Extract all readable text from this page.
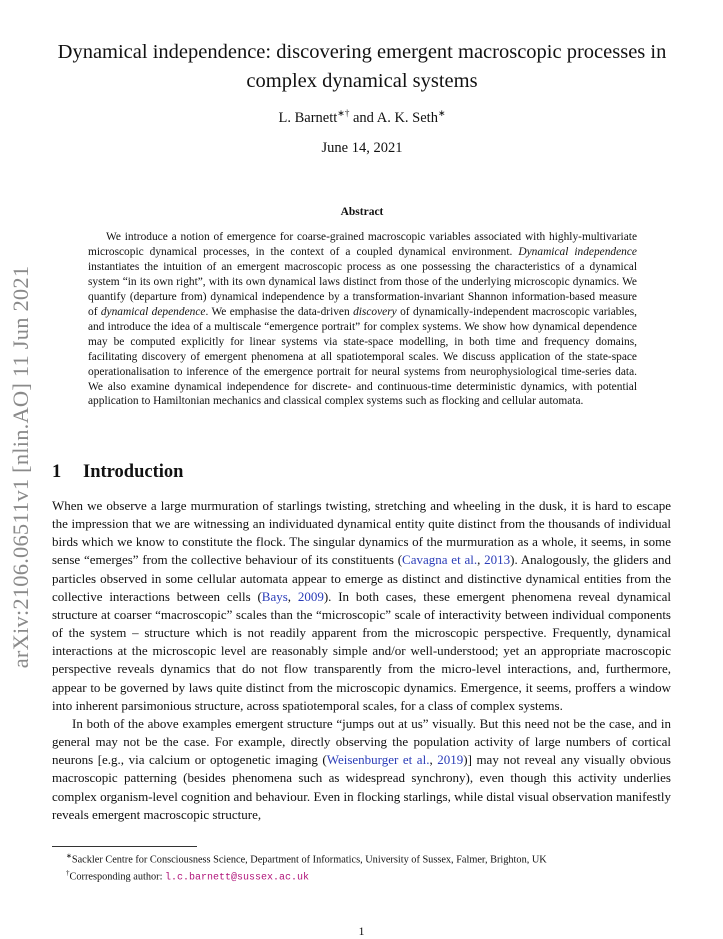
arXiv:2106.06511v1 [nlin.AO] 11 Jun 2021
Dynamical independence: discovering emergent macroscopic processes in complex dynamical systems
L. Barnett∗† and A. K. Seth∗
June 14, 2021
Abstract
We introduce a notion of emergence for coarse-grained macroscopic variables associated with highly-multivariate microscopic dynamical processes, in the context of a coupled dynamical environment. Dynamical independence instantiates the intuition of an emergent macroscopic process as one possessing the characteristics of a dynamical system “in its own right”, with its own dynamical laws distinct from those of the underlying microscopic dynamics. We quantify (departure from) dynamical independence by a transformation-invariant Shannon information-based measure of dynamical dependence. We emphasise the data-driven discovery of dynamically-independent macroscopic variables, and introduce the idea of a multiscale “emergence portrait” for complex systems. We show how dynamical dependence may be computed explicitly for linear systems via state-space modelling, in both time and frequency domains, facilitating discovery of emergent phenomena at all spatiotemporal scales. We discuss application of the state-space operationalisation to inference of the emergence portrait for neural systems from neurophysiological time-series data. We also examine dynamical independence for discrete- and continuous-time deterministic dynamics, with potential application to Hamiltonian mechanics and classical complex systems such as flocking and cellular automata.
1 Introduction

When we observe a large murmuration of starlings twisting, stretching and wheeling in the dusk, it is hard to escape the impression that we are witnessing an individuated dynamical entity quite distinct from the thousands of individual birds which we know to constitute the flock. The singular dynamics of the murmuration as a whole, it seems, in some sense “emerges” from the collective behaviour of its constituents (Cavagna et al., 2013). Analogously, the gliders and particles observed in some cellular automata appear to emerge as distinct and distinctive dynamical entities from the collective interactions between cells (Bays, 2009). In both cases, these emergent phenomena reveal dynamical structure at coarser “macroscopic” scales than the “microscopic” scale of interactivity between individual components of the system – structure which is not readily apparent from the microscopic perspective. Frequently, dynamical interactions at the microscopic level are reasonably simple and/or well-understood; yet an appropriate macroscopic perspective reveals dynamics that do not flow transparently from the micro-level interactions, and, furthermore, appear to be governed by laws quite distinct from the microscopic dynamics. Emergence, it seems, proffers a window into inherent parsimonious structure, across spatiotemporal scales, for a class of complex systems.

In both of the above examples emergent structure “jumps out at us” visually. But this need not be the case, and in general may not be the case. For example, directly observing the population activity of large numbers of cortical neurons [e.g., via calcium or optogenetic imaging (Weisenburger et al., 2019)] may not reveal any visually obvious macroscopic patterning (besides phenomena such as widespread synchrony), even though this activity underlies complex organism-level cognition and behaviour. Even in flocking starlings, while distal visual observation manifestly reveals emergent macroscopic structure,

∗Sackler Centre for Consciousness Science, Department of Informatics, University of Sussex, Falmer, Brighton, UK

†Corresponding author: l.c.barnett@sussex.ac.uk

1
